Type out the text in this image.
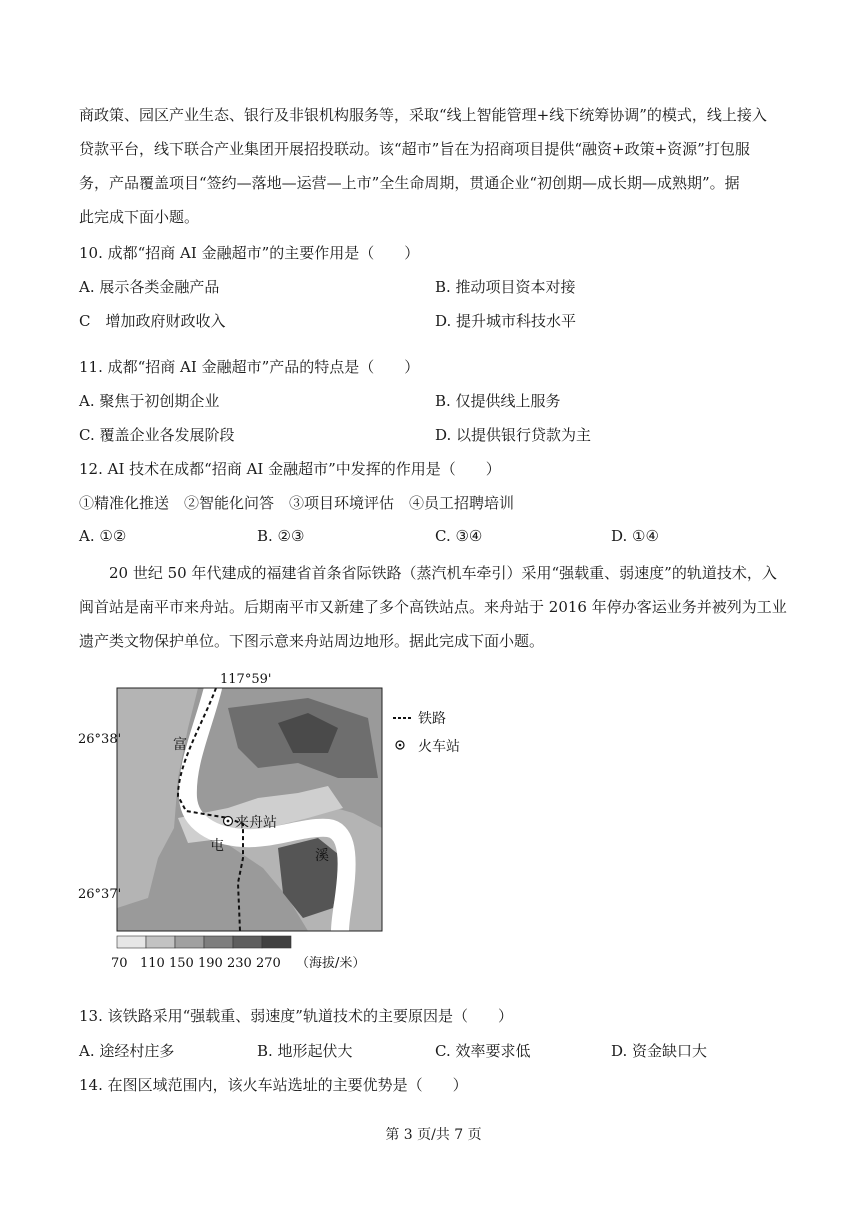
商政策、园区产业生态、银行及非银机构服务等，采取“线上智能管理+线下统筹协调”的模式，线上接入
贷款平台，线下联合产业集团开展招投联动。该“超市”旨在为招商项目提供“融资+政策+资源”打包服
务，产品覆盖项目“签约—落地—运营—上市”全生命周期，贯通企业“初创期—成长期—成熟期”。据
此完成下面小题。
10. 成都“招商 AI 金融超市”的主要作用是（　　）
A. 展示各类金融产品	B. 推动项目资本对接
C　增加政府财政收入	D. 提升城市科技水平
11. 成都“招商 AI 金融超市”产品的特点是（　　）
A. 聚焦于初创期企业	B. 仅提供线上服务
C. 覆盖企业各发展阶段	D. 以提供银行贷款为主
12. AI 技术在成都“招商 AI 金融超市”中发挥的作用是（　　）
①精准化推送　②智能化问答　③项目环境评估　④员工招聘培训
A. ①②	B. ②③	C. ③④	D. ①④
20 世纪 50 年代建成的福建省首条省际铁路（蒸汽机车牵引）采用“强载重、弱速度”的轨道技术，入
闽首站是南平市来舟站。后期南平市又新建了多个高铁站点。来舟站于 2016 年停办客运业务并被列为工业
遗产类文物保护单位。下图示意来舟站周边地形。据此完成下面小题。
来舟站
富
屯
溪
117°59'
26°38'
26°37'
铁路
火车站
70 110 150 190 230 270 （海拔/米）
13. 该铁路采用“强载重、弱速度”轨道技术的主要原因是（　　）
A. 途经村庄多	B. 地形起伏大	C. 效率要求低	D. 资金缺口大
14. 在图区域范围内，该火车站选址的主要优势是（　　）
第 3 页/共 7 页
